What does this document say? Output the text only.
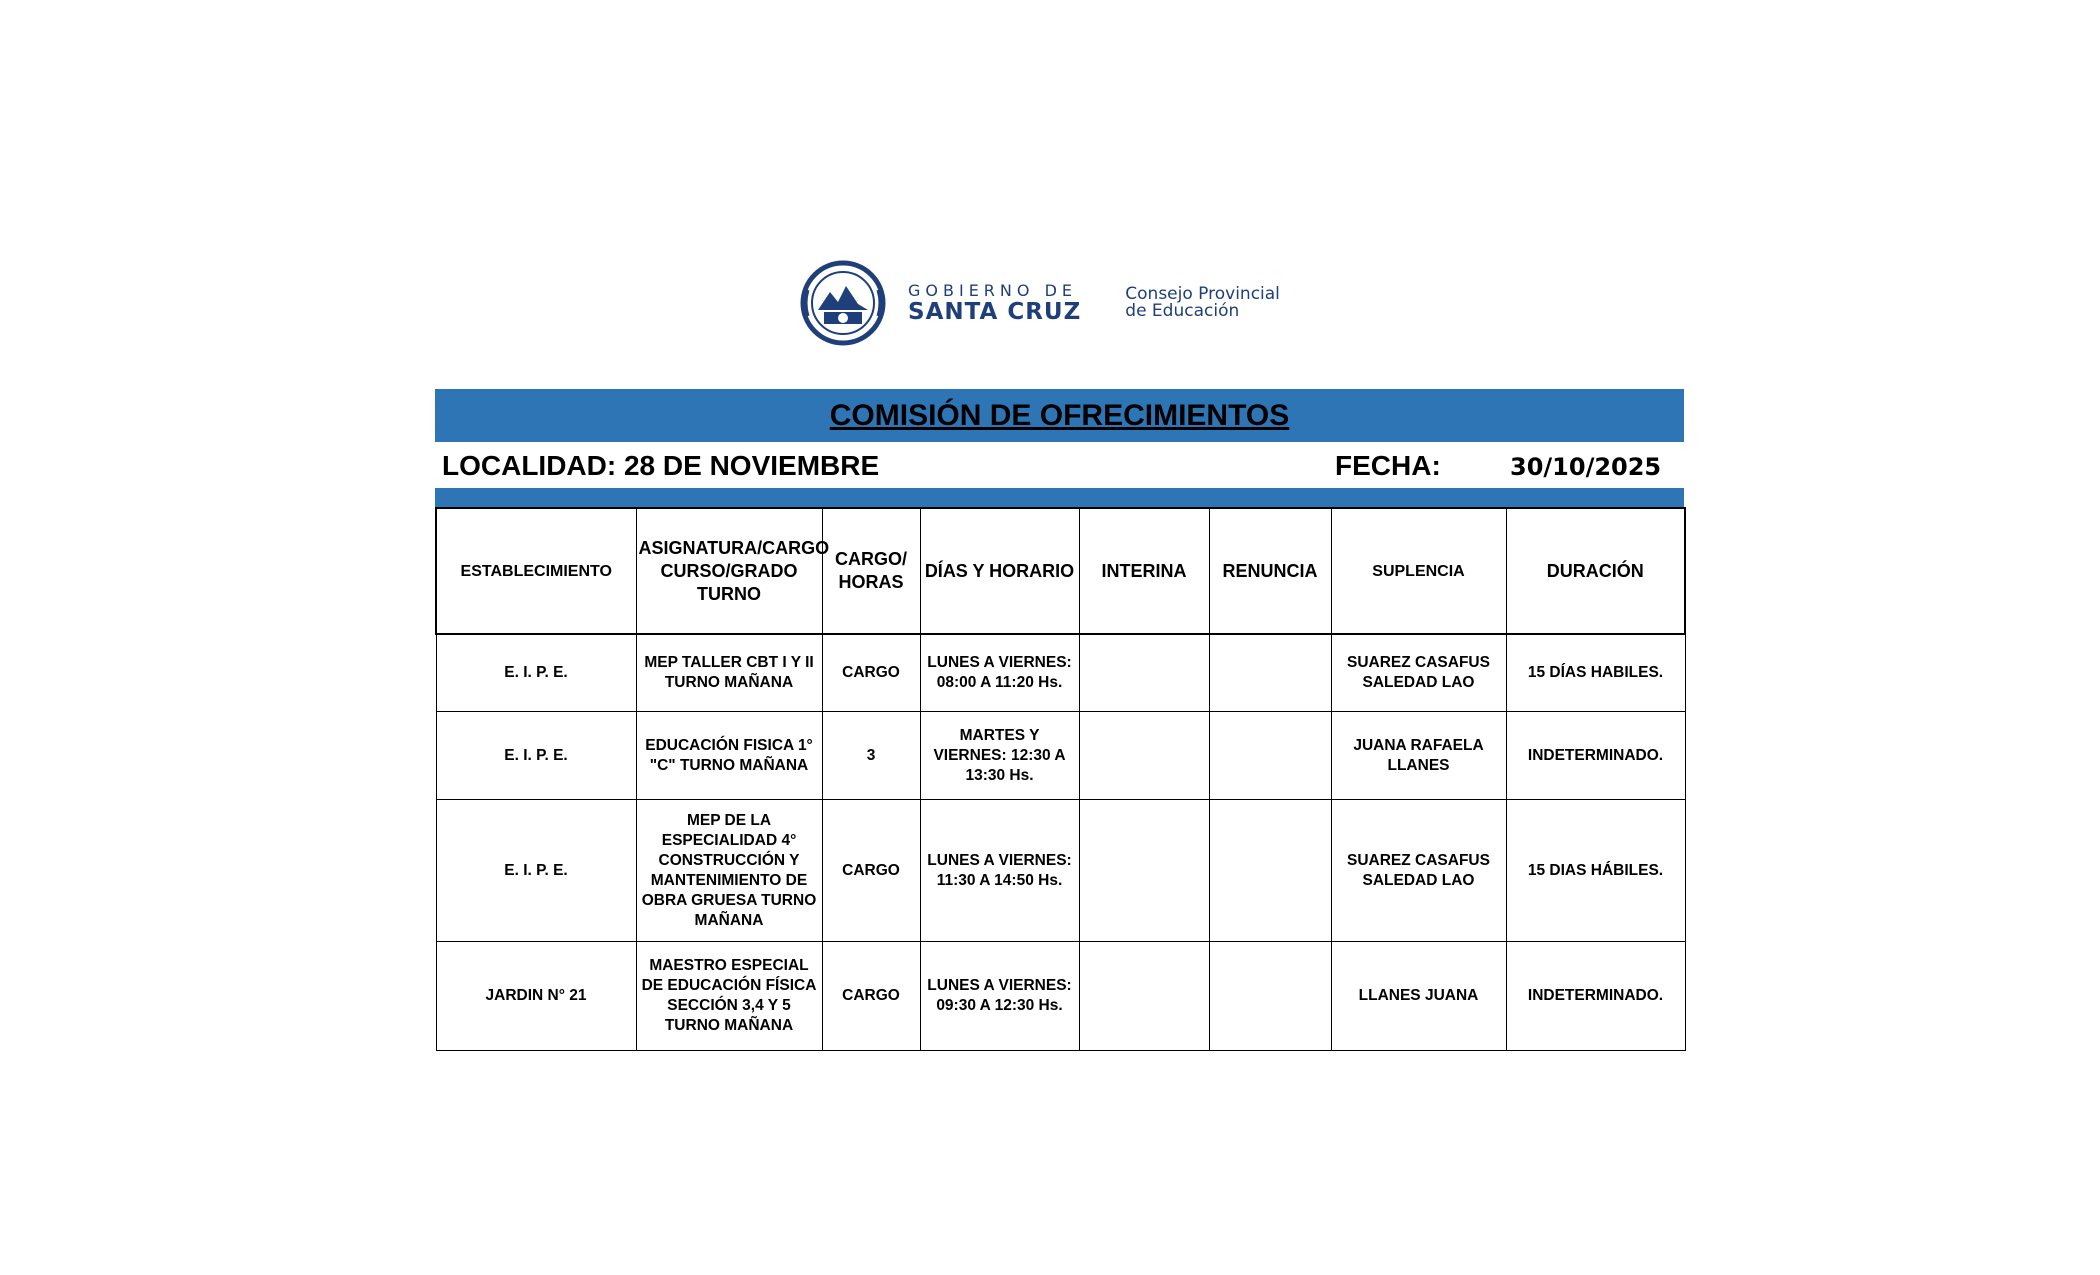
GOBIERNO DE
SANTA CRUZ
Consejo Provincial
de Educación
COMISIÓN DE OFRECIMIENTOS
LOCALIDAD: 28 DE NOVIEMBRE	FECHA:	30/10/2025
ESTABLECIMIENTO	ASIGNATURA/CARGO CURSO/GRADO TURNO	CARGO/ HORAS	DÍAS Y HORARIO	INTERINA	RENUNCIA	SUPLENCIA	DURACIÓN
E. I. P. E.	MEP TALLER CBT I Y II TURNO MAÑANA	CARGO	LUNES A VIERNES: 08:00 A 11:20 Hs.			SUAREZ CASAFUS SALEDAD LAO	15 DÍAS HABILES.
E. I. P. E.	EDUCACIÓN FISICA 1° "C" TURNO MAÑANA	3	MARTES Y VIERNES: 12:30 A 13:30 Hs.			JUANA RAFAELA LLANES	INDETERMINADO.
E. I. P. E.	MEP DE LA ESPECIALIDAD 4° CONSTRUCCIÓN Y MANTENIMIENTO DE OBRA GRUESA TURNO MAÑANA	CARGO	LUNES A VIERNES: 11:30 A 14:50 Hs.			SUAREZ CASAFUS SALEDAD LAO	15 DIAS HÁBILES.
JARDIN N° 21	MAESTRO ESPECIAL DE EDUCACIÓN FÍSICA SECCIÓN 3,4 Y 5 TURNO MAÑANA	CARGO	LUNES A VIERNES: 09:30 A 12:30 Hs.			LLANES JUANA	INDETERMINADO.
